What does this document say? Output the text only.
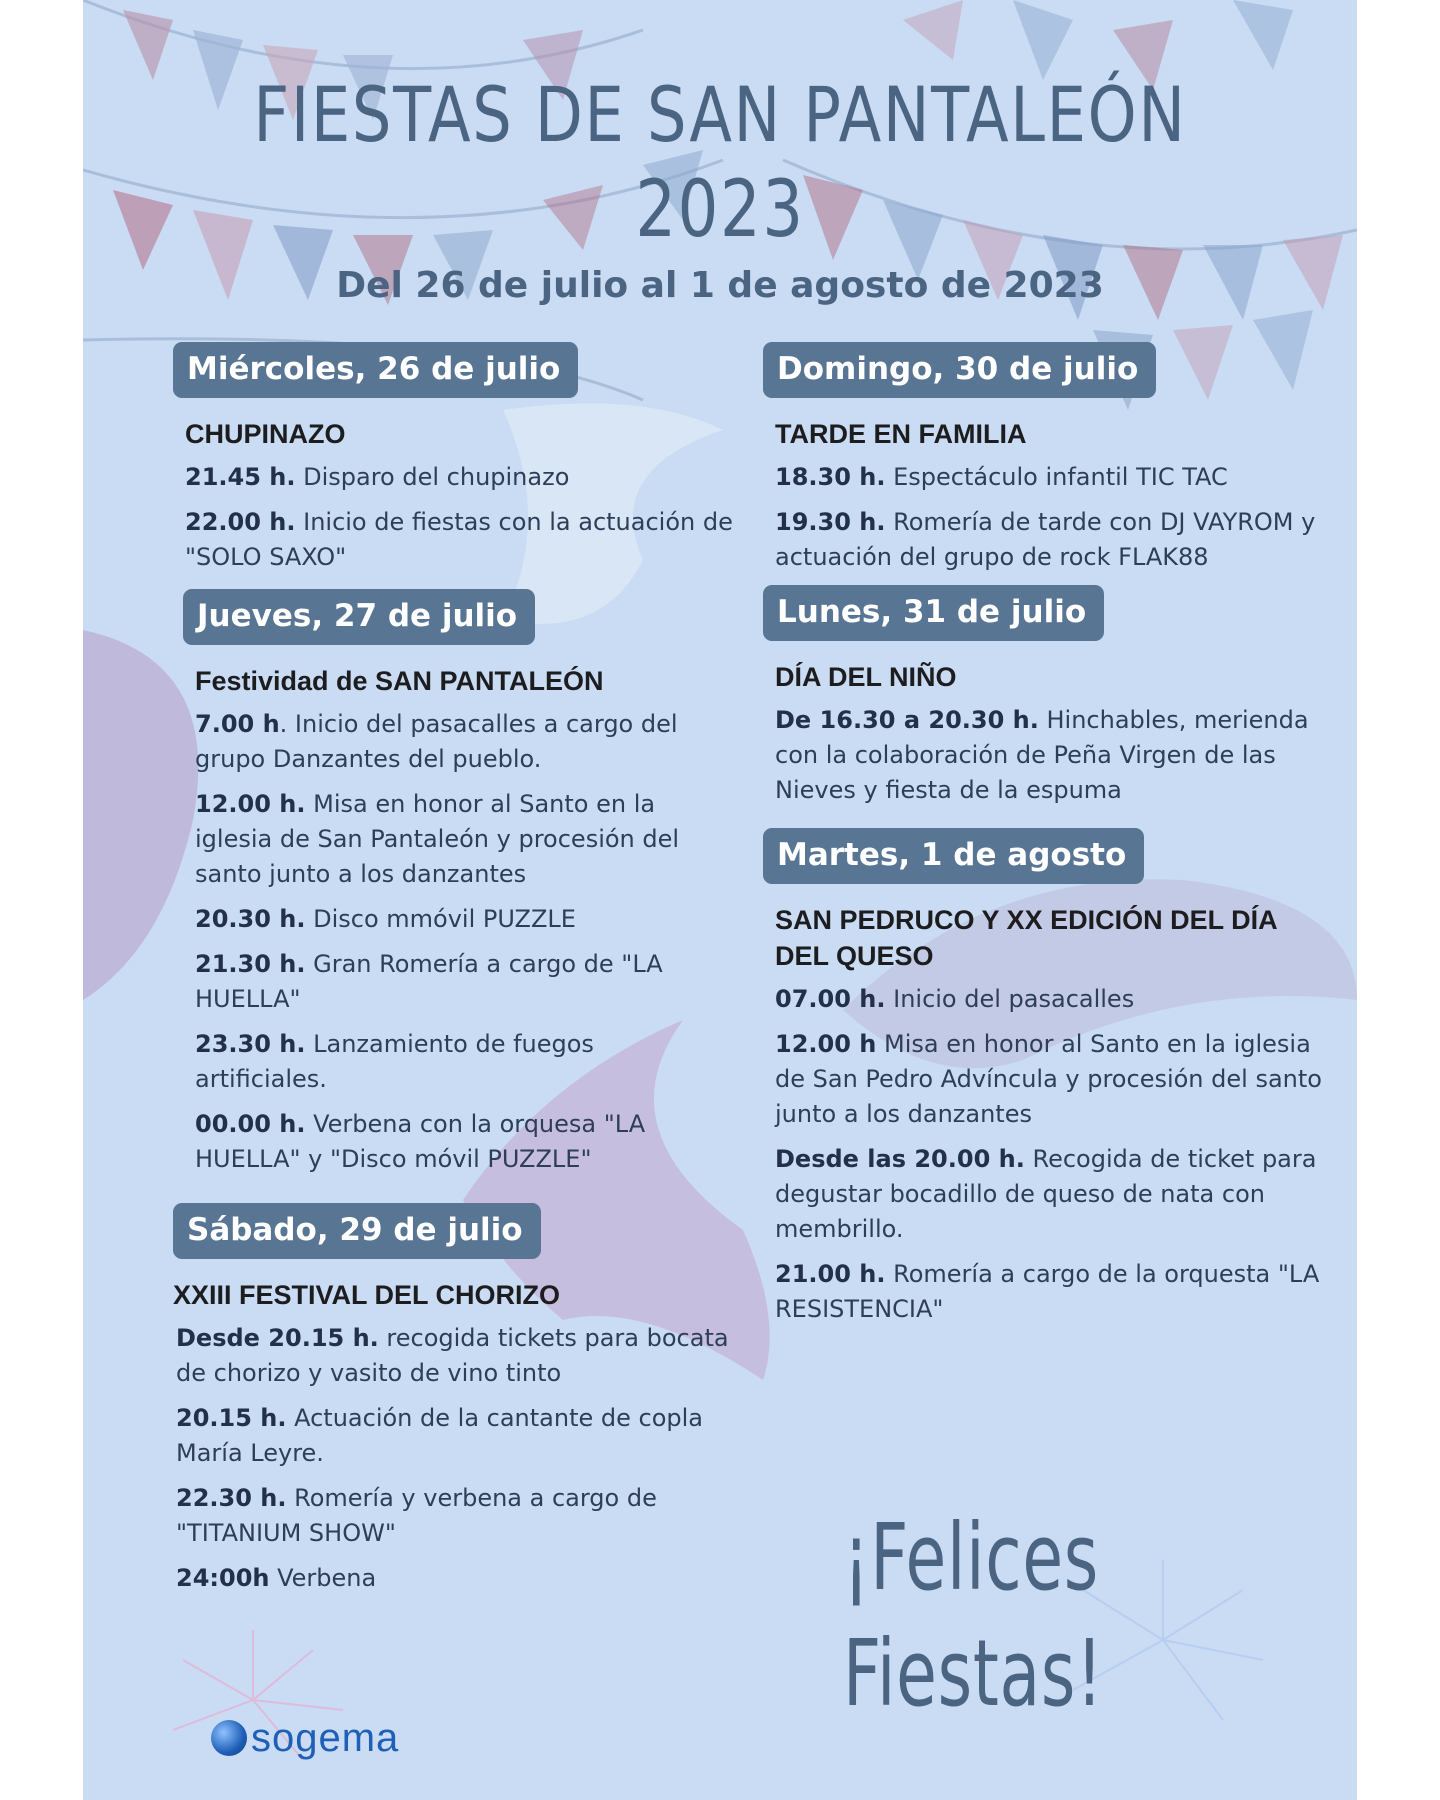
FIESTAS DE SAN PANTALEÓN
2023
Del 26 de julio al 1 de agosto de 2023
Miércoles, 26 de julio
CHUPINAZO
21.45 h. Disparo del chupinazo
22.00 h. Inicio de fiestas con la actuación de "SOLO SAXO"
Jueves, 27 de julio
Festividad de SAN PANTALEÓN
7.00 h. Inicio del pasacalles a cargo del grupo Danzantes del pueblo.
12.00 h. Misa en honor al Santo en la iglesia de San Pantaleón y procesión del santo junto a los danzantes
20.30 h. Disco mmóvil PUZZLE
21.30 h. Gran Romería a cargo de "LA HUELLA"
23.30 h. Lanzamiento de fuegos artificiales.
00.00 h. Verbena con la orquesa "LA HUELLA" y "Disco móvil PUZZLE"
Sábado, 29 de julio
XXIII FESTIVAL DEL CHORIZO
Desde 20.15 h. recogida tickets para bocata de chorizo y vasito de vino tinto
20.15 h. Actuación de la cantante de copla María Leyre.
22.30 h. Romería y verbena a cargo de "TITANIUM SHOW"
24:00h Verbena
Domingo, 30 de julio
TARDE EN FAMILIA
18.30 h. Espectáculo infantil TIC TAC
19.30 h. Romería de tarde con DJ VAYROM y actuación del grupo de rock FLAK88
Lunes, 31 de julio
DÍA DEL NIÑO
De 16.30 a 20.30 h. Hinchables, merienda con la colaboración de Peña Virgen de las Nieves y fiesta de la espuma
Martes, 1 de agosto
SAN PEDRUCO Y XX EDICIÓN DEL DÍA DEL QUESO
07.00 h. Inicio del pasacalles
12.00 h Misa en honor al Santo en la iglesia de San Pedro Advíncula y procesión del santo junto a los danzantes
Desde las 20.00 h. Recogida de ticket para degustar bocadillo de queso de nata con membrillo.
21.00 h. Romería a cargo de la orquesta "LA RESISTENCIA"
¡Felices
Fiestas!
sogema
